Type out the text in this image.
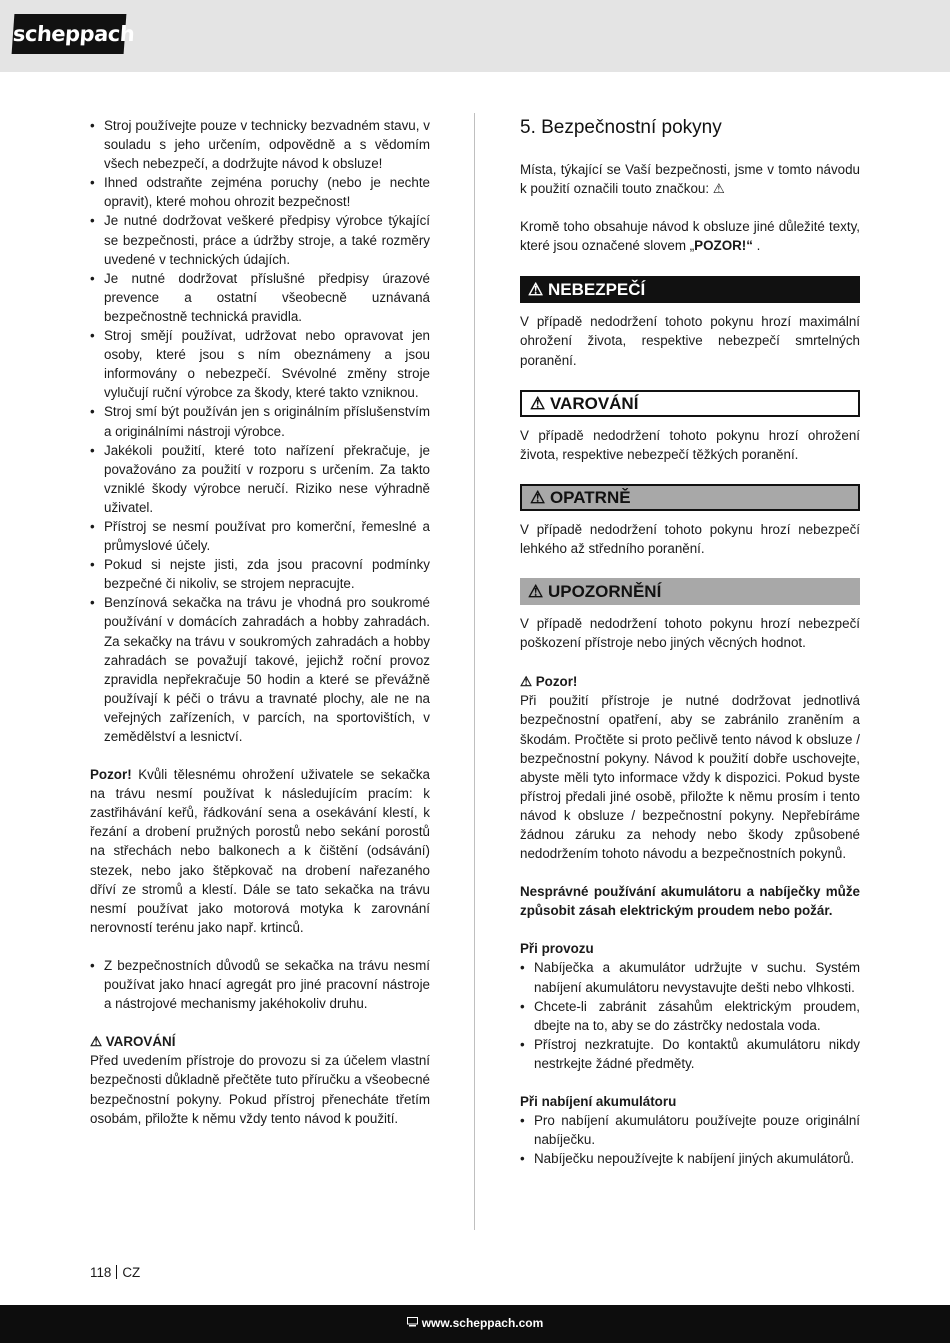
scheppach
• Stroj používejte pouze v technicky bezvadném stavu, v souladu s jeho určením, odpovědně a s vědomím všech nebezpečí, a dodržujte návod k obsluze!
• Ihned odstraňte zejména poruchy (nebo je nechte opravit), které mohou ohrozit bezpečnost!
• Je nutné dodržovat veškeré předpisy výrobce týkající se bezpečnosti, práce a údržby stroje, a také rozměry uvedené v technických údajích.
• Je nutné dodržovat příslušné předpisy úrazové prevence a ostatní všeobecně uznávaná bezpečnostně technická pravidla.
• Stroj smějí používat, udržovat nebo opravovat jen osoby, které jsou s ním obeznámeny a jsou informovány o nebezpečí. Svévolné změny stroje vylučují ruční výrobce za škody, které takto vzniknou.
• Stroj smí být používán jen s originálním příslušenstvím a originálními nástroji výrobce.
• Jakékoli použití, které toto nařízení překračuje, je považováno za použití v rozporu s určením. Za takto vzniklé škody výrobce neručí. Riziko nese výhradně uživatel.
• Přístroj se nesmí používat pro komerční, řemeslné a průmyslové účely.
• Pokud si nejste jisti, zda jsou pracovní podmínky bezpečné či nikoliv, se strojem nepracujte.
• Benzínová sekačka na trávu je vhodná pro soukromé používání v domácích zahradách a hobby zahradách. Za sekačky na trávu v soukromých zahradách a hobby zahradách se považují takové, jejichž roční provoz zpravidla nepřekračuje 50 hodin a které se převážně používají k péči o trávu a travnaté plochy, ale ne na veřejných zařízeních, v parcích, na sportovištích, v zemědělství a lesnictví.

Pozor! Kvůli tělesnému ohrožení uživatele se sekačka na trávu nesmí používat k následujícím pracím: k zastřihávání keřů, řádkování sena a osekávání klestí, k řezání a drobení pružných porostů nebo sekání porostů na střechách nebo balkonech a k čištění (odsávání) stezek, nebo jako štěpkovač na drobení nařezaného dříví ze stromů a klestí. Dále se tato sekačka na trávu nesmí používat jako motorová motyka k zarovnání nerovností terénu jako např. krtinců.

• Z bezpečnostních důvodů se sekačka na trávu nesmí používat jako hnací agregát pro jiné pracovní nástroje a nástrojové mechanismy jakéhokoliv druhu.

⚠ VAROVÁNÍ

Před uvedením přístroje do provozu si za účelem vlastní bezpečnosti důkladně přečtěte tuto příručku a všeobecné bezpečnostní pokyny. Pokud přístroj přenecháte třetím osobám, přiložte k němu vždy tento návod k použití.

5. Bezpečnostní pokyny

Místa, týkající se Vaší bezpečnosti, jsme v tomto návodu k použití označili touto značkou: ⚠

Kromě toho obsahuje návod k obsluze jiné důležité texty, které jsou označené slovem „POZOR!“ .

⚠ NEBEZPEČÍ

V případě nedodržení tohoto pokynu hrozí maximální ohrožení života, respektive nebezpečí smrtelných poranění.

⚠ VAROVÁNÍ

V případě nedodržení tohoto pokynu hrozí ohrožení života, respektive nebezpečí těžkých poranění.

⚠ OPATRNĚ

V případě nedodržení tohoto pokynu hrozí nebezpečí lehkého až středního poranění.

⚠ UPOZORNĚNÍ

V případě nedodržení tohoto pokynu hrozí nebezpečí poškození přístroje nebo jiných věcných hodnot.

⚠ Pozor!

Při použití přístroje je nutné dodržovat jednotlivá bezpečnostní opatření, aby se zabránilo zraněním a škodám. Pročtěte si proto pečlivě tento návod k obsluze / bezpečnostní pokyny. Návod k použití dobře uschovejte, abyste měli tyto informace vždy k dispozici. Pokud byste přístroj předali jiné osobě, přiložte k němu prosím i tento návod k obsluze / bezpečnostní pokyny. Nepřebíráme žádnou záruku za nehody nebo škody způsobené nedodržením tohoto návodu a bezpečnostních pokynů.

Nesprávné používání akumulátoru a nabíječky může způsobit zásah elektrickým proudem nebo požár.

Při provozu

• Nabíječka a akumulátor udržujte v suchu. Systém nabíjení akumulátoru nevystavujte dešti nebo vlhkosti.
• Chcete-li zabránit zásahům elektrickým proudem, dbejte na to, aby se do zástrčky nedostala voda.
• Přístroj nezkratujte. Do kontaktů akumulátoru nikdy nestrkejte žádné předměty.

Při nabíjení akumulátoru

• Pro nabíjení akumulátoru používejte pouze originální nabíječku.
• Nabíječku nepoužívejte k nabíjení jiných akumulátorů.
118 CZ
www.scheppach.com
